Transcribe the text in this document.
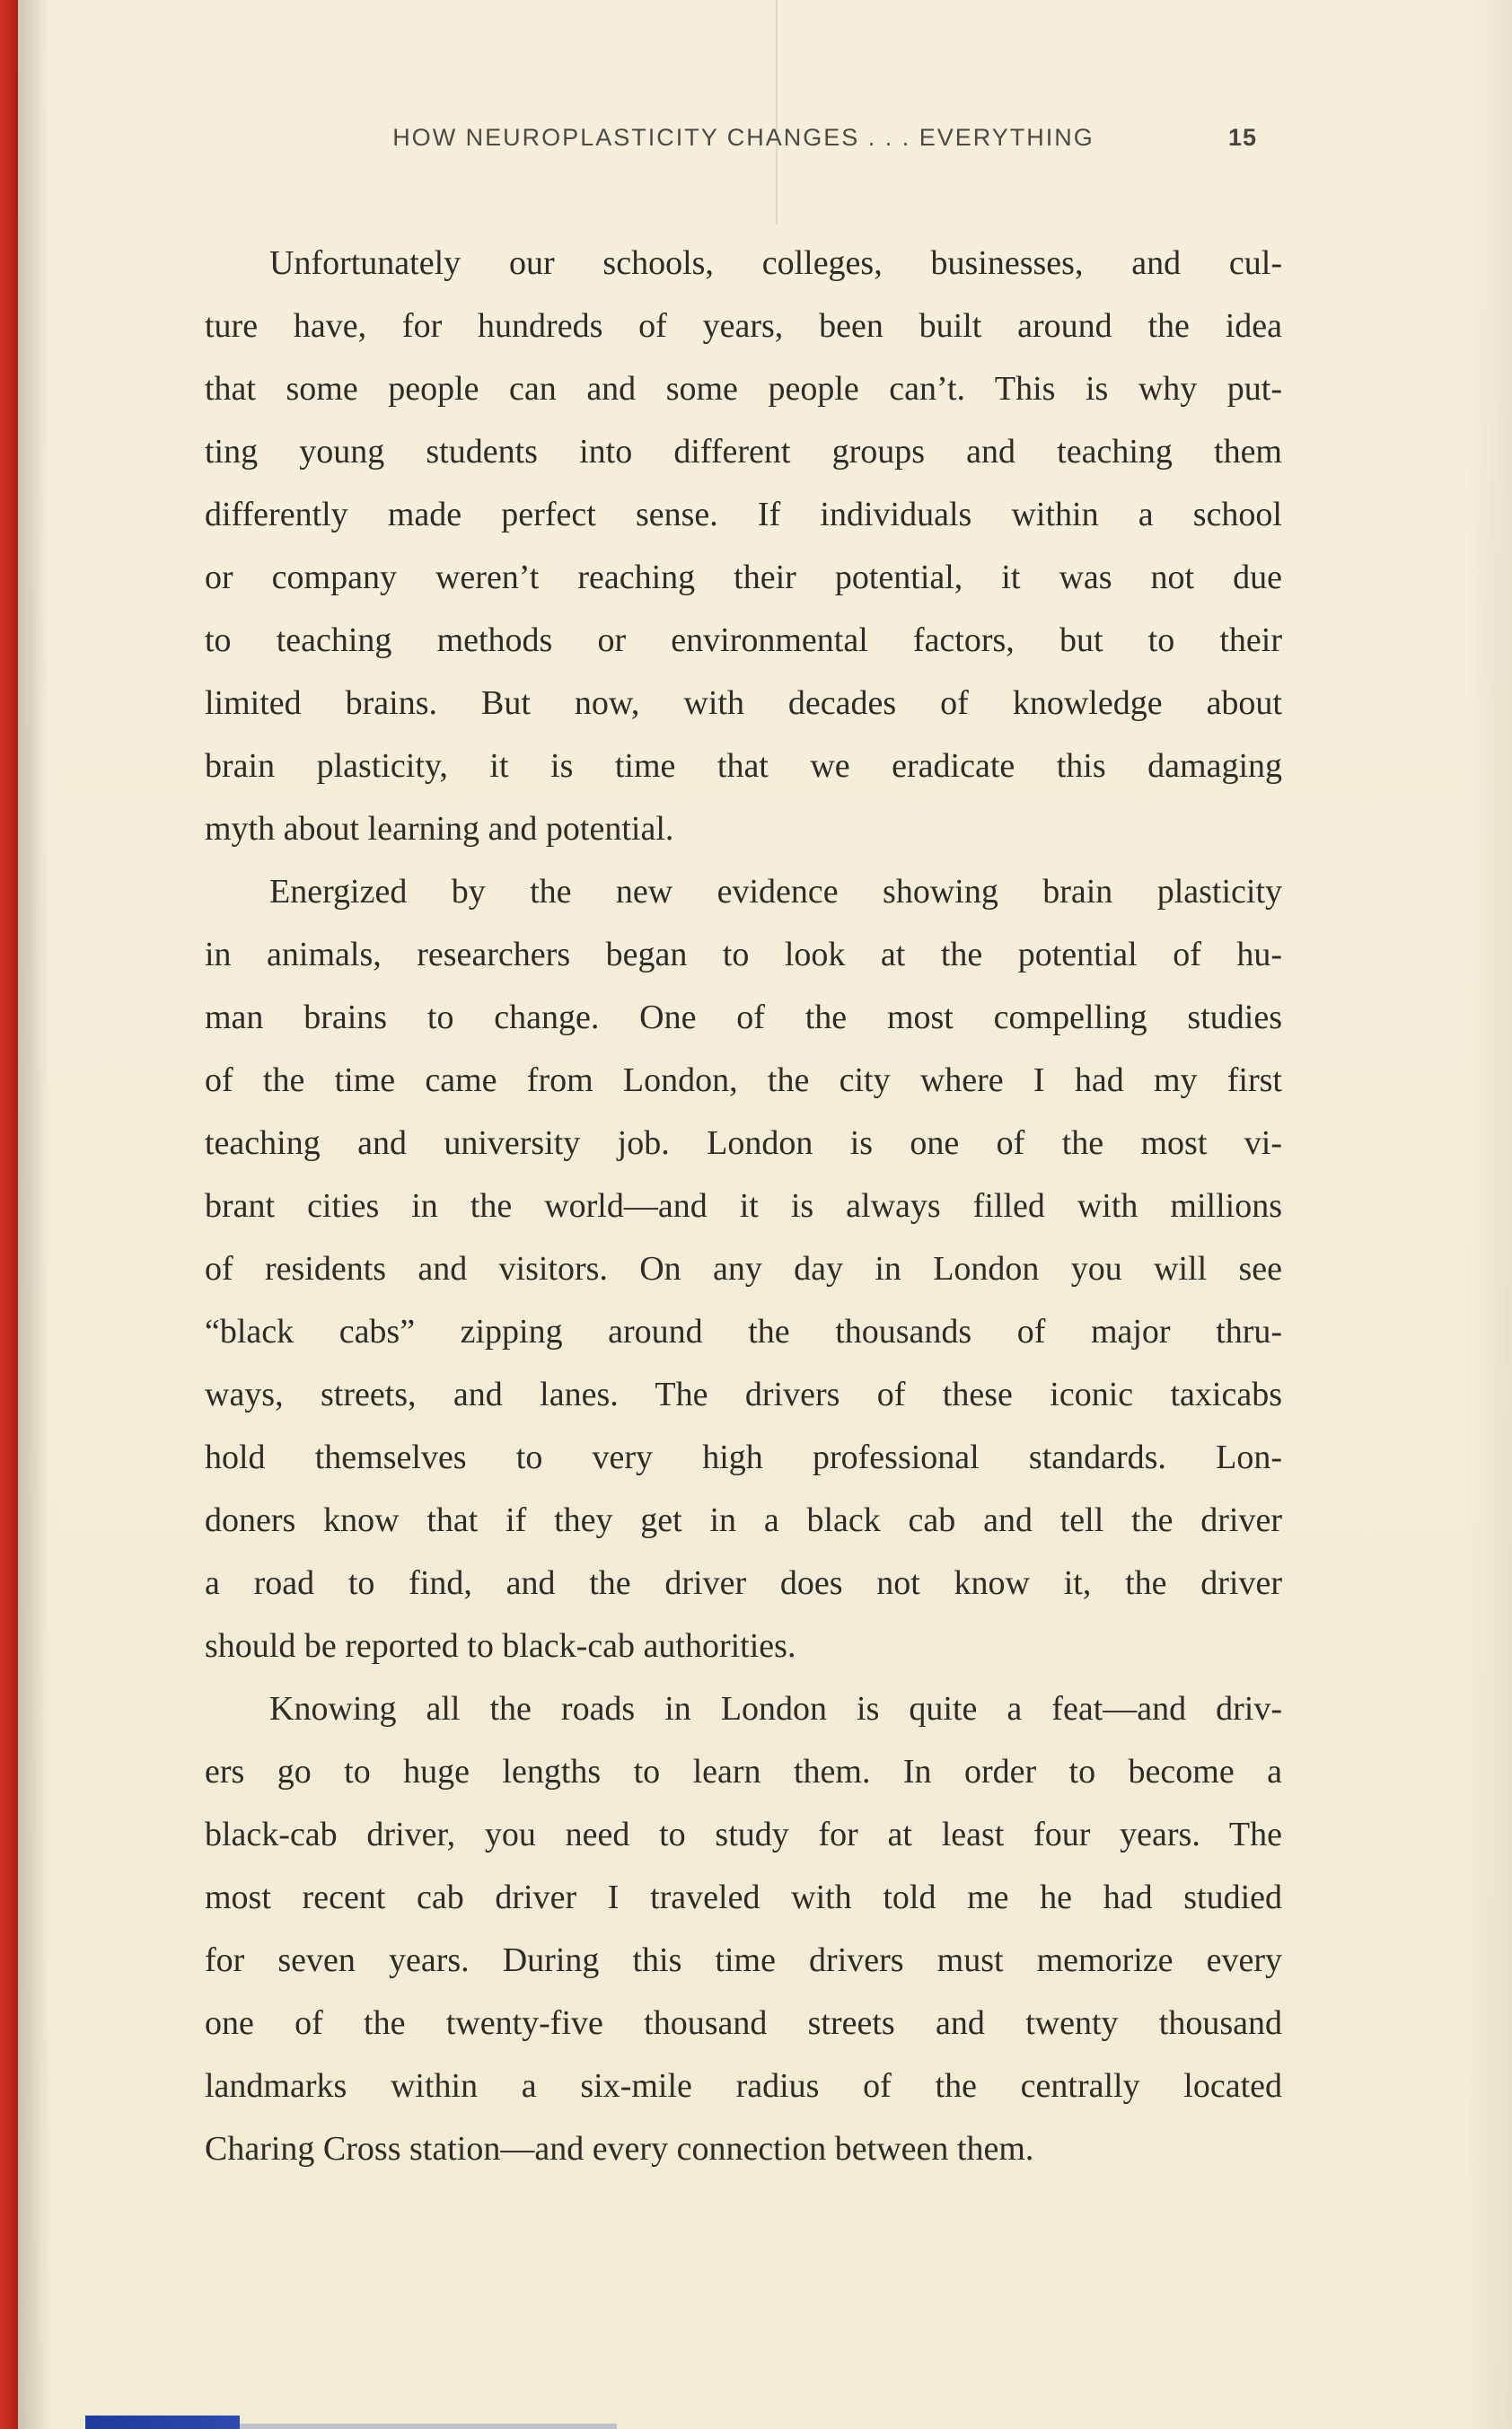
HOW NEUROPLASTICITY CHANGES . . . EVERYTHING	15
Unfortunately our schools, colleges, businesses, and cul-
ture have, for hundreds of years, been built around the idea
that some people can and some people can’t. This is why put-
ting young students into different groups and teaching them
differently made perfect sense. If individuals within a school
or company weren’t reaching their potential, it was not due
to teaching methods or environmental factors, but to their
limited brains. But now, with decades of knowledge about
brain plasticity, it is time that we eradicate this damaging
myth about learning and potential.
Energized by the new evidence showing brain plasticity
in animals, researchers began to look at the potential of hu-
man brains to change. One of the most compelling studies
of the time came from London, the city where I had my first
teaching and university job. London is one of the most vi-
brant cities in the world—and it is always filled with millions
of residents and visitors. On any day in London you will see
“black cabs” zipping around the thousands of major thru-
ways, streets, and lanes. The drivers of these iconic taxicabs
hold themselves to very high professional standards. Lon-
doners know that if they get in a black cab and tell the driver
a road to find, and the driver does not know it, the driver
should be reported to black-cab authorities.
Knowing all the roads in London is quite a feat—and driv-
ers go to huge lengths to learn them. In order to become a
black-cab driver, you need to study for at least four years. The
most recent cab driver I traveled with told me he had studied
for seven years. During this time drivers must memorize every
one of the twenty-five thousand streets and twenty thousand
landmarks within a six-mile radius of the centrally located
Charing Cross station—and every connection between them.
